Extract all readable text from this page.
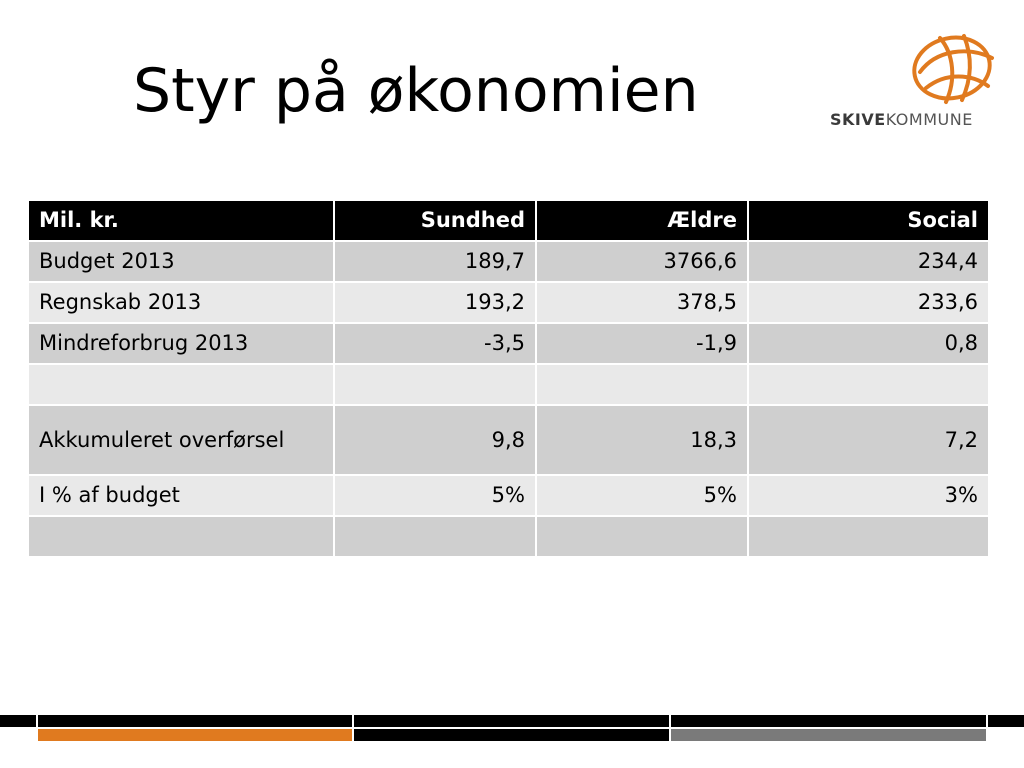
Styr på økonomien	SKIVEKOMMUNE
Mil. kr.	Sundhed	Ældre	Social
Budget 2013	189,7	3766,6	234,4
Regnskab 2013	193,2	378,5	233,6
Mindreforbrug 2013	-3,5	-1,9	0,8

Akkumuleret overførsel	9,8	18,3	7,2
I % af budget	5%	5%	3%
